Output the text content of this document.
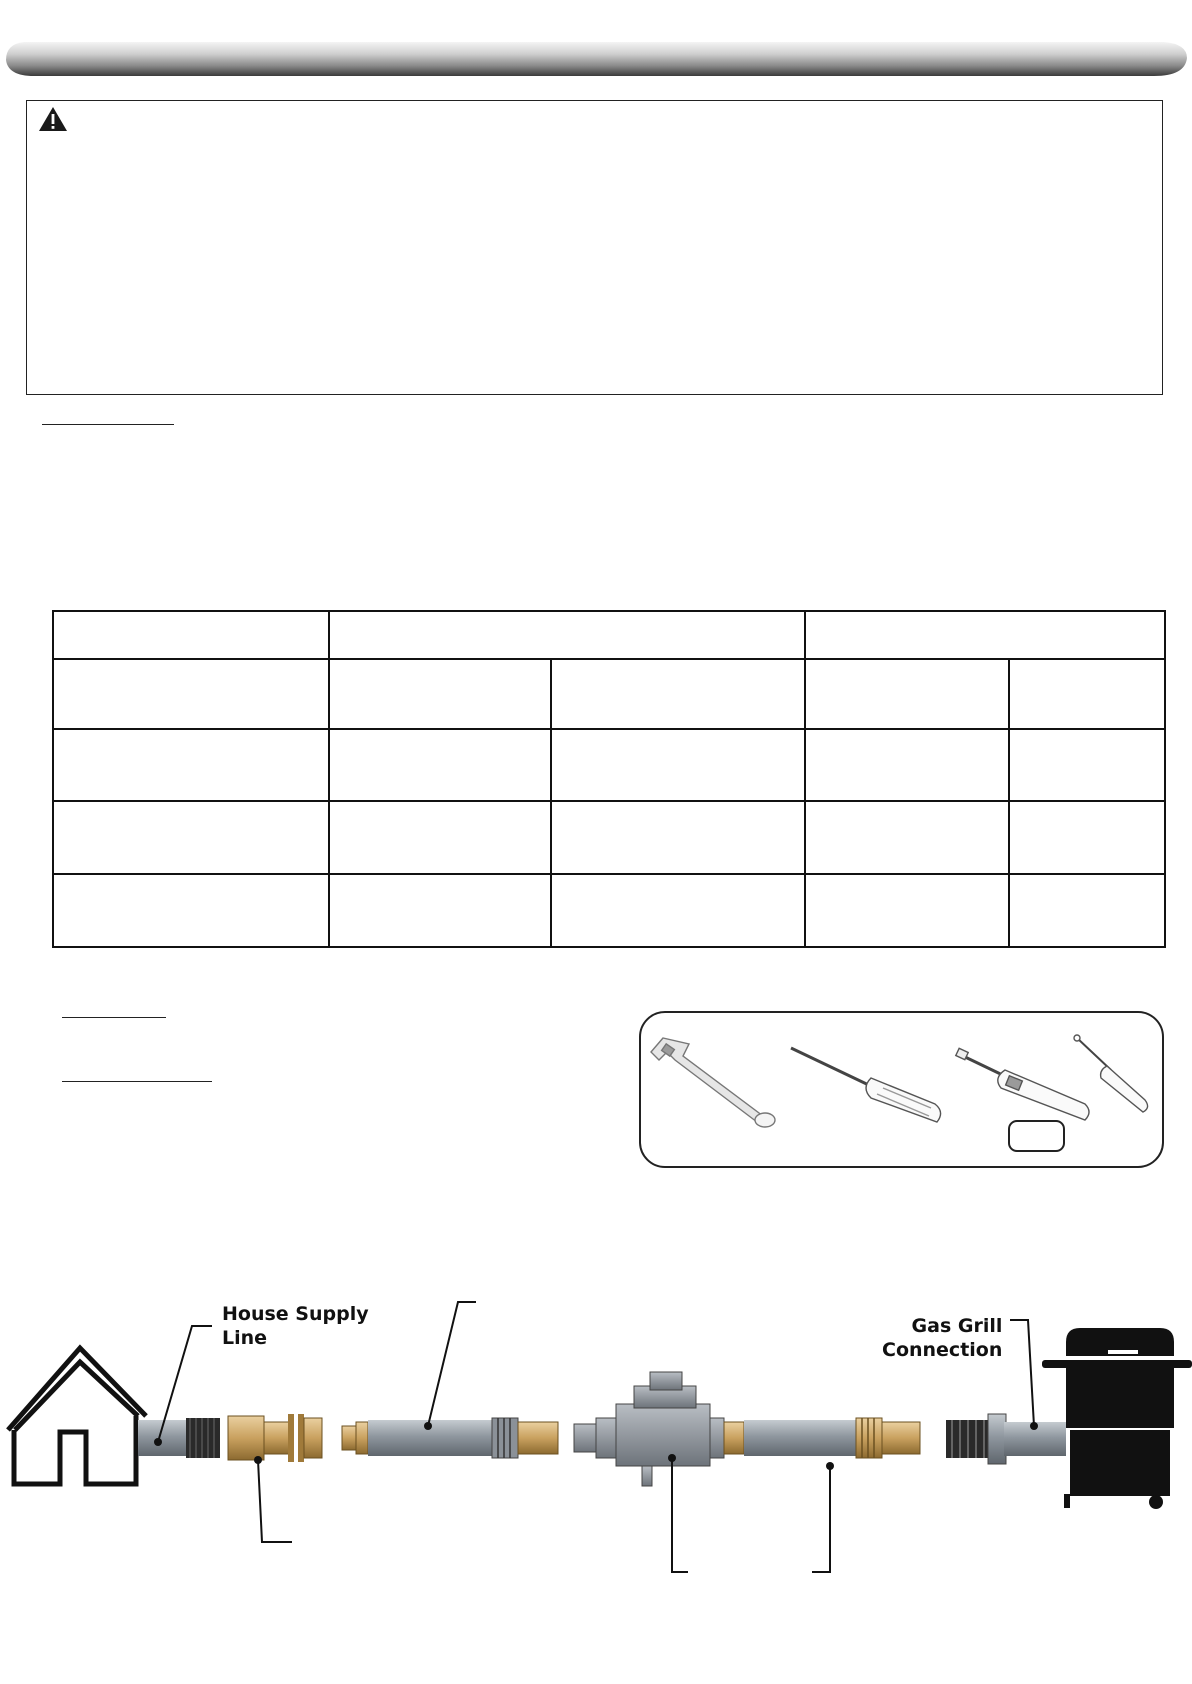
House Supply
Line
Gas Grill
Connection
